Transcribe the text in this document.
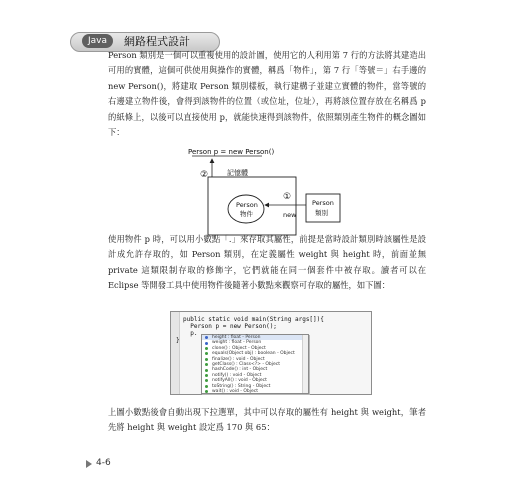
Java	網路程式設計

Person 類別是一個可以重複使用的設計圖，使用它的人利用第 7 行的方法將其建造出可用的實體，這個可供使用與操作的實體，稱爲「物件」，第 7 行「等號＝」右手邊的 new Person()，將建取 Person 類別樣板，執行建構子並建立實體的物件，當等號的右邊建立物件後，會得到該物件的位置（或位址，位址），再將該位置存放在名稱爲 p 的紙條上，以後可以直接使用 p，就能快速得到該物件，依照類別產生物件的概念圖如下：

Person p = new Person()
②	記憶體
Person
物件
Person
類別
①
new

使用物件 p 時，可以用小數點「.」來存取其屬性，前提是當時設計類別時該屬性是設計成允許存取的，如 Person 類別，在定義屬性 weight 與 height 時，前面並無 private 這類限制存取的修飾字，它們就能在同一個套件中被存取。讀者可以在 Eclipse 等開發工具中使用物件後隨著小數點來觀察可存取的屬性，如下圖：

public static void main(String args[]){
Person p = new Person();
p.
}	height : float - Person
weight : float - Person
clone() : Object - Object
equals(Object obj) : boolean - Object
finalize() : void - Object
getClass() : Class<?> - Object
hashCode() : int - Object
notify() : void - Object
notifyAll() : void - Object
toString() : String - Object
wait() : void - Object

上圖小數點後會自動出現下拉選單，其中可以存取的屬性有 height 與 weight，筆者先將 height 與 weight 設定爲 170 與 65：

4-6
